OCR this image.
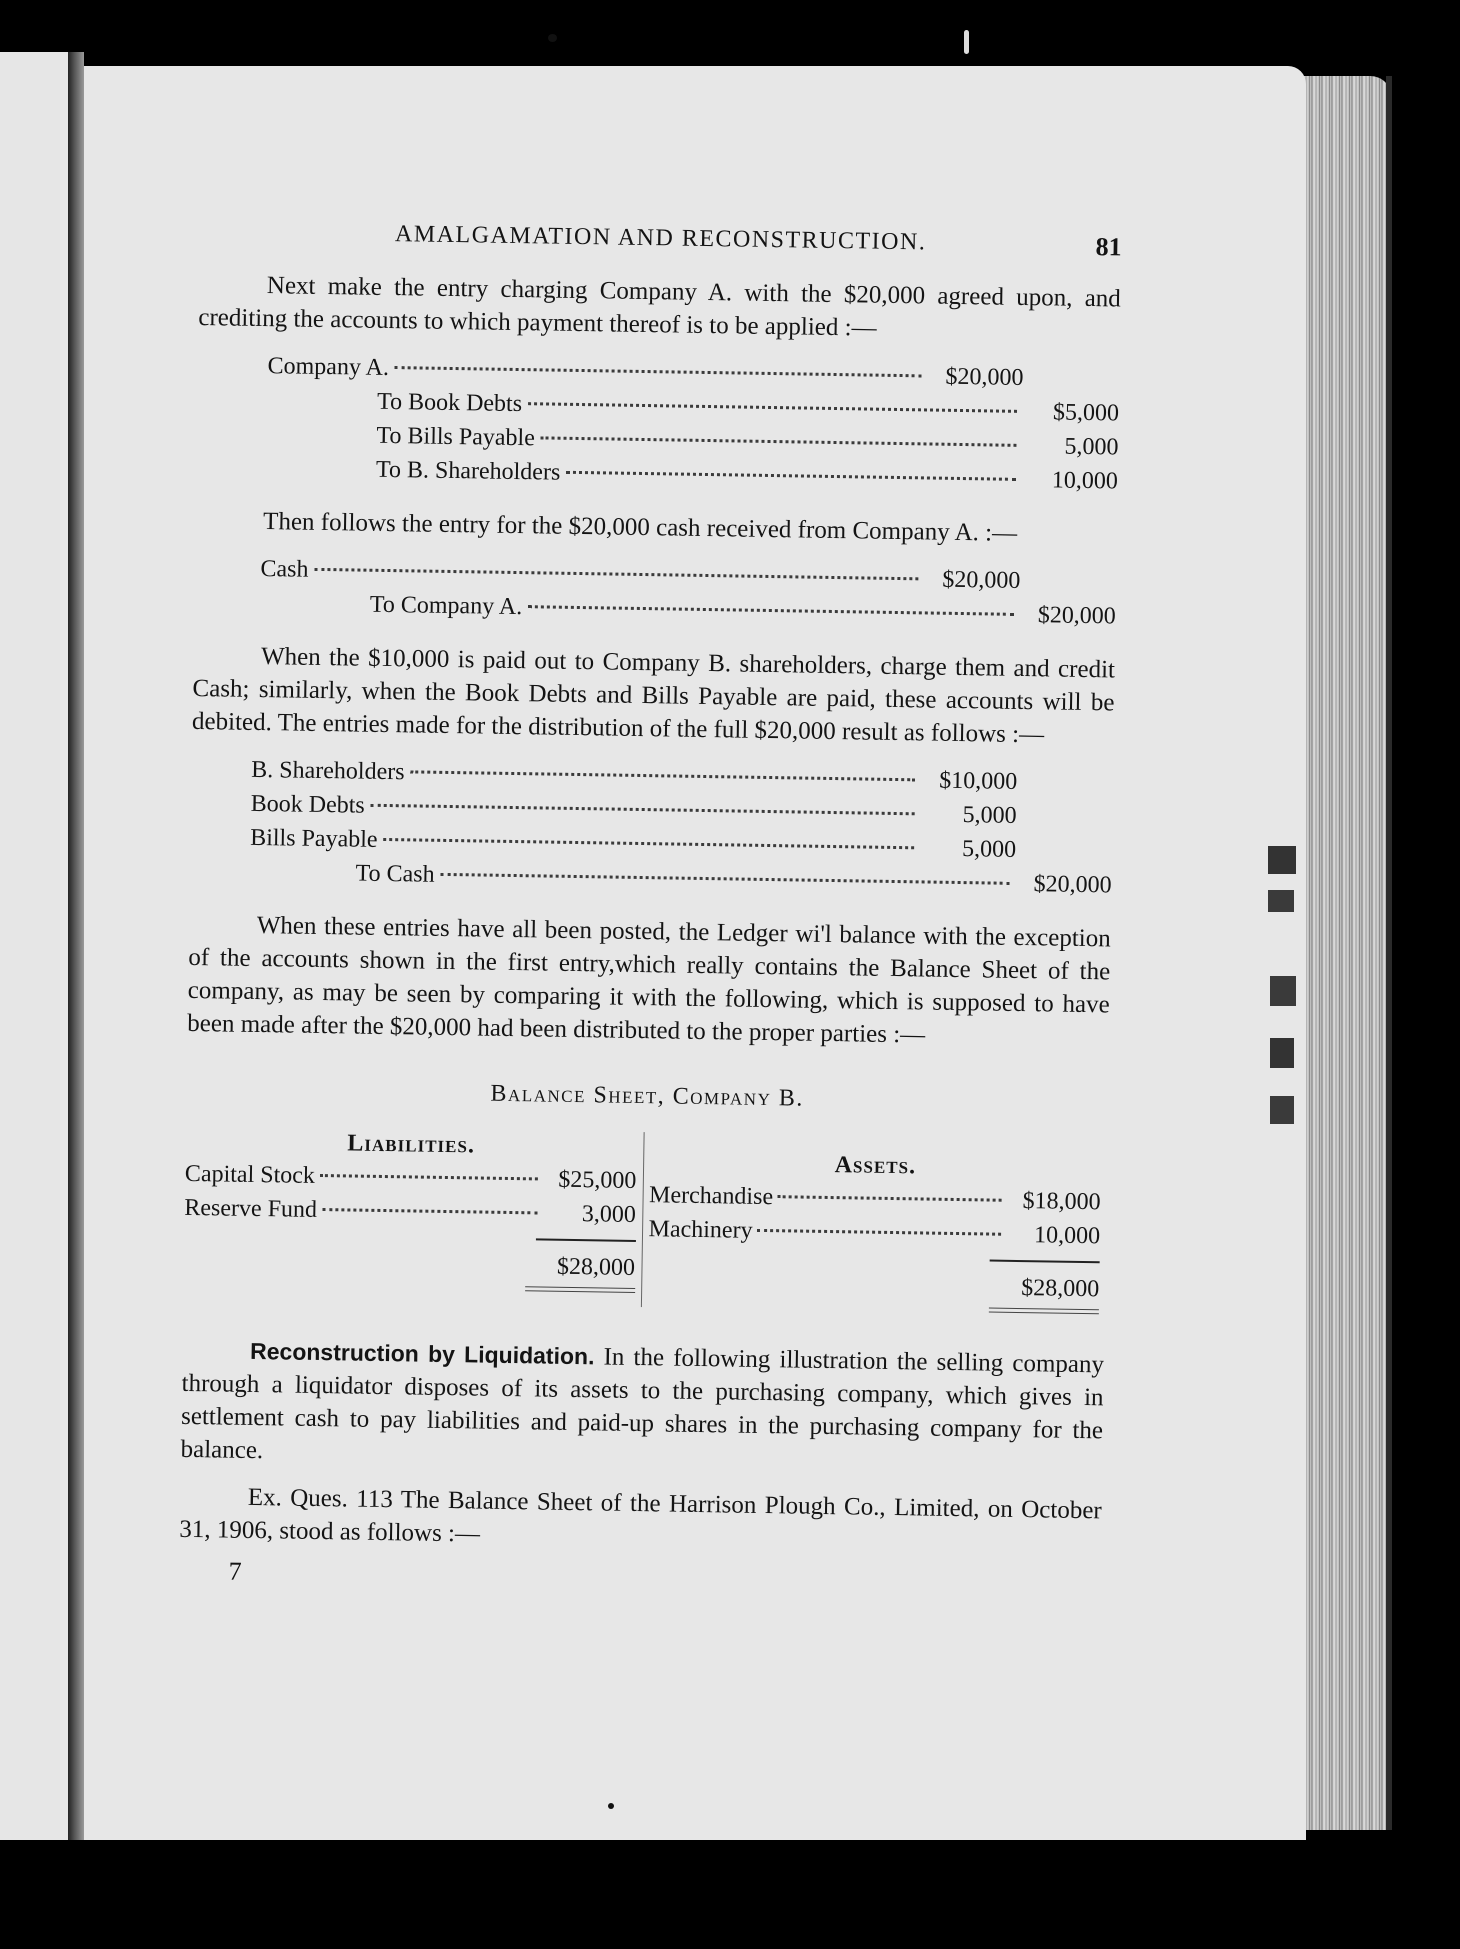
AMALGAMATION AND RECONSTRUCTION.	81

Next make the entry charging Company A. with the $20,000 agreed upon, and crediting the accounts to which payment thereof is to be applied :—

Company A.	$20,000
To Book Debts	$5,000
To Bills Payable	5,000
To B. Shareholders	10,000

Then follows the entry for the $20,000 cash received from Company A. :—

Cash	$20,000
To Company A.	$20,000

When the $10,000 is paid out to Company B. shareholders, charge them and credit Cash; similarly, when the Book Debts and Bills Payable are paid, these accounts will be debited. The entries made for the distribution of the full $20,000 result as follows :—

B. Shareholders	$10,000
Book Debts	5,000
Bills Payable	5,000
To Cash	$20,000

When these entries have all been posted, the Ledger wi'l balance with the exception of the accounts shown in the first entry,which really contains the Balance Sheet of the company, as may be seen by comparing it with the following, which is supposed to have been made after the $20,000 had been distributed to the proper parties :—

Balance Sheet, Company B.
Liabilities.
Capital Stock	$25,000
Reserve Fund	3,000
$28,000
Assets.
Merchandise	$18,000
Machinery	10,000
$28,000

Reconstruction by Liquidation. In the following illustration the selling company through a liquidator disposes of its assets to the purchasing company, which gives in settlement cash to pay liabilities and paid-up shares in the purchasing company for the balance.

Ex. Ques. 113 The Balance Sheet of the Harrison Plough Co., Limited, on October 31, 1906, stood as follows :—

7
